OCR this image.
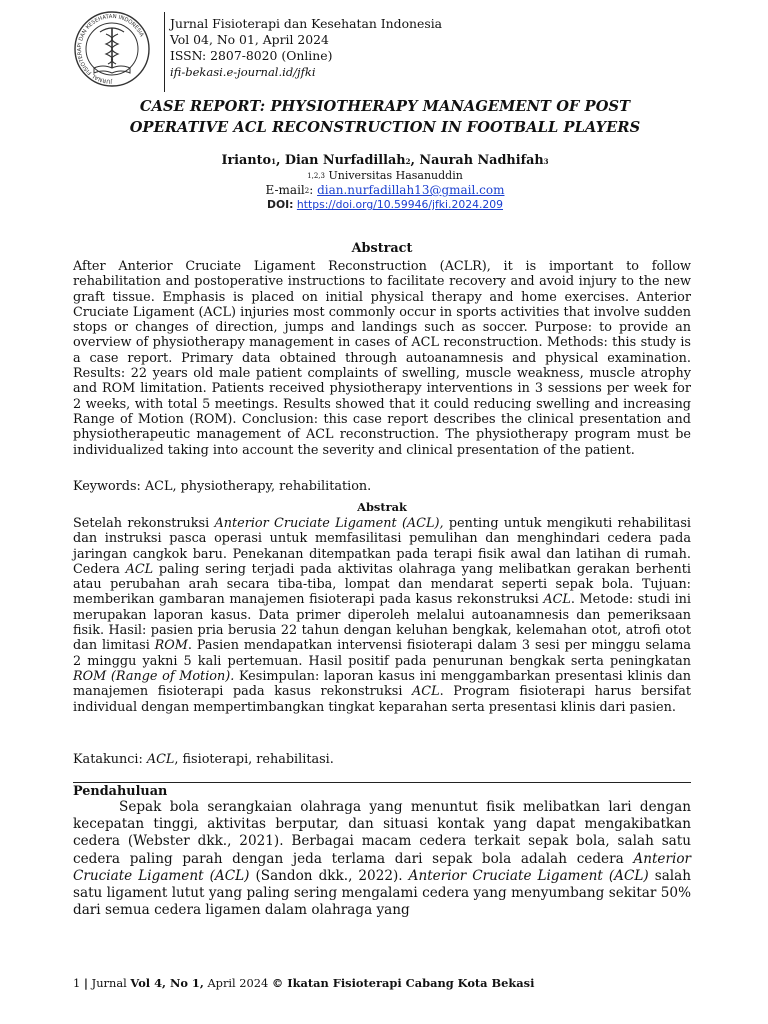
JURNAL FISIOTERAPI DAN KESEHATAN INDONESIA
Jurnal Fisioterapi dan Kesehatan Indonesia
Vol 04, No 01, April 2024
ISSN: 2807-8020 (Online)
ifi-bekasi.e-journal.id/jfki
CASE REPORT: PHYSIOTHERAPY MANAGEMENT OF POST
OPERATIVE ACL RECONSTRUCTION IN FOOTBALL PLAYERS
Irianto$^1$, Dian Nurfadillah$^2$, Naurah Nadhifah$^3$
$^{1,2,3}$ Universitas Hasanuddin
E-mail$^2$: dian.nurfadillah13@gmail.com
DOI: https://doi.org/10.59946/jfki.2024.209
Abstract
After Anterior Cruciate Ligament Reconstruction (ACLR), it is important to follow rehabilitation and postoperative instructions to facilitate recovery and avoid injury to the new graft tissue. Emphasis is placed on initial physical therapy and home exercises. Anterior Cruciate Ligament (ACL) injuries most commonly occur in sports activities that involve sudden stops or changes of direction, jumps and landings such as soccer. Purpose: to provide an overview of physiotherapy management in cases of ACL reconstruction. Methods: this study is a case report. Primary data obtained through autoanamnesis and physical examination. Results: 22 years old male patient complaints of swelling, muscle weakness, muscle atrophy and ROM limitation. Patients received physiotherapy interventions in 3 sessions per week for 2 weeks, with total 5 meetings. Results showed that it could reducing swelling and increasing Range of Motion (ROM). Conclusion: this case report describes the clinical presentation and physiotherapeutic management of ACL reconstruction. The physiotherapy program must be individualized taking into account the severity and clinical presentation of the patient.
Keywords: ACL, physiotherapy, rehabilitation.
Abstrak
Setelah rekonstruksi Anterior Cruciate Ligament (ACL), penting untuk mengikuti rehabilitasi dan instruksi pasca operasi untuk memfasilitasi pemulihan dan menghindari cedera pada jaringan cangkok baru. Penekanan ditempatkan pada terapi fisik awal dan latihan di rumah. Cedera ACL paling sering terjadi pada aktivitas olahraga yang melibatkan gerakan berhenti atau perubahan arah secara tiba-tiba, lompat dan mendarat seperti sepak bola. Tujuan: memberikan gambaran manajemen fisioterapi pada kasus rekonstruksi ACL. Metode: studi ini merupakan laporan kasus. Data primer diperoleh melalui autoanamnesis dan pemeriksaan fisik. Hasil: pasien pria berusia 22 tahun dengan keluhan bengkak, kelemahan otot, atrofi otot dan limitasi ROM. Pasien mendapatkan intervensi fisioterapi dalam 3 sesi per minggu selama 2 minggu yakni 5 kali pertemuan. Hasil positif pada penurunan bengkak serta peningkatan ROM (Range of Motion). Kesimpulan: laporan kasus ini menggambarkan presentasi klinis dan manajemen fisioterapi pada kasus rekonstruksi ACL. Program fisioterapi harus bersifat individual dengan mempertimbangkan tingkat keparahan serta presentasi klinis dari pasien.
Katakunci: ACL, fisioterapi, rehabilitasi.
Pendahuluan
Sepak bola serangkaian olahraga yang menuntut fisik melibatkan lari dengan kecepatan tinggi, aktivitas berputar, dan situasi kontak yang dapat mengakibatkan cedera (Webster dkk., 2021). Berbagai macam cedera terkait sepak bola, salah satu cedera paling parah dengan jeda terlama dari sepak bola adalah cedera Anterior Cruciate Ligament (ACL) (Sandon dkk., 2022). Anterior Cruciate Ligament (ACL) salah satu ligament lutut yang paling sering mengalami cedera yang menyumbang sekitar 50% dari semua cedera ligamen dalam olahraga yang
1 | Jurnal Vol 4, No 1, April 2024 © Ikatan Fisioterapi Cabang Kota Bekasi
